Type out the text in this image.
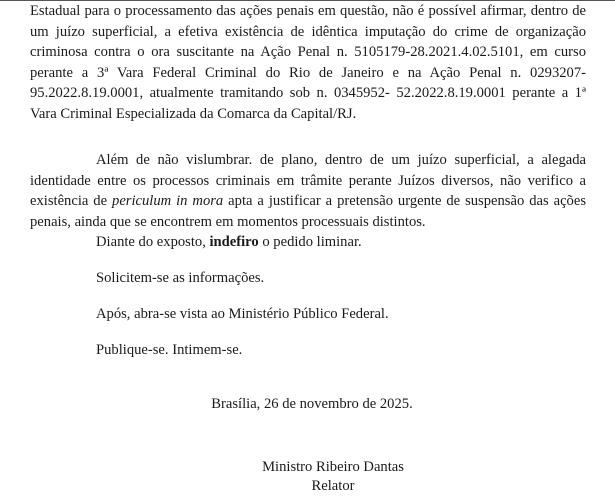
Estadual para o processamento das ações penais em questão, não é possível afirmar, dentro de um juízo superficial, a efetiva existência de idêntica imputação do crime de organização criminosa contra o ora suscitante na Ação Penal n. 5105179-28.2021.4.02.5101, em curso perante a 3ª Vara Federal Criminal do Rio de Janeiro e na Ação Penal n. 0293207-95.2022.8.19.0001, atualmente tramitando sob n. 0345952- 52.2022.8.19.0001 perante a 1ª Vara Criminal Especializada da Comarca da Capital/RJ.

Além de não vislumbrar. de plano, dentro de um juízo superficial, a alegada identidade entre os processos criminais em trâmite perante Juízos diversos, não verifico a existência de periculum in mora apta a justificar a pretensão urgente de suspensão das ações penais, ainda que se encontrem em momentos processuais distintos.

Diante do exposto, indefiro o pedido liminar.

Solicitem-se as informações.

Após, abra-se vista ao Ministério Público Federal.

Publique-se. Intimem-se.

Brasília, 26 de novembro de 2025.
Ministro Ribeiro Dantas
Relator
